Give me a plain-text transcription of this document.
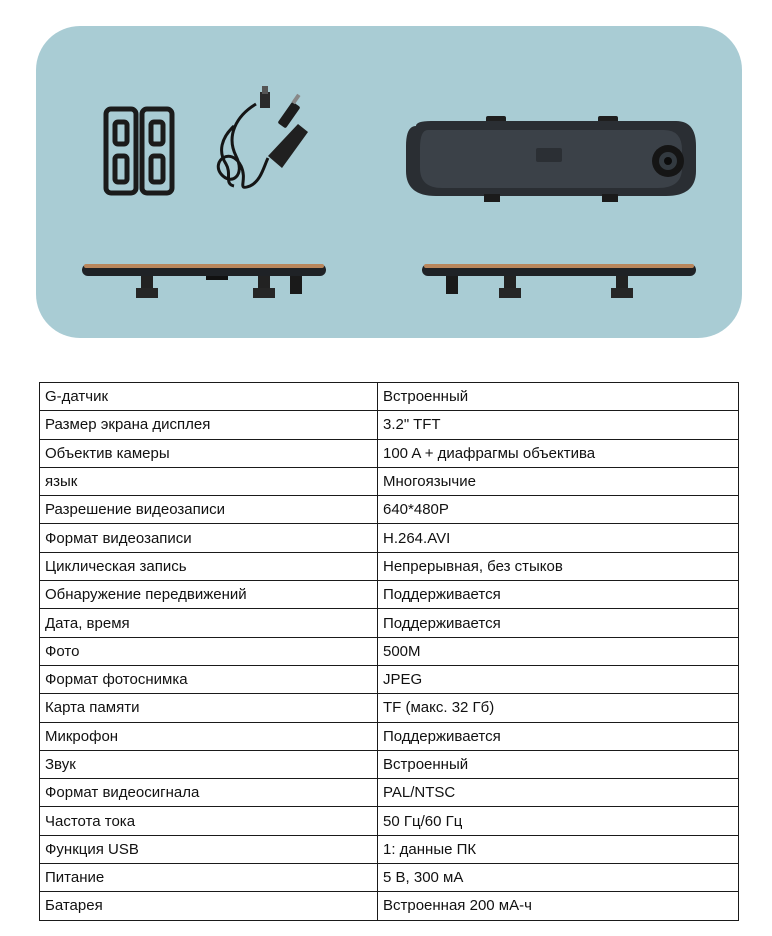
G-датчик	Встроенный
Размер экрана дисплея	3.2" TFT
Объектив камеры	100 A + диафрагмы объектива
язык	Многоязычие
Разрешение видеозаписи	640*480P
Формат видеозаписи	H.264.AVI
Циклическая запись	Непрерывная, без стыков
Обнаружение передвижений	Поддерживается
Дата, время	Поддерживается
Фото	500M
Формат фотоснимка	JPEG
Карта памяти	TF (макс. 32 Гб)
Микрофон	Поддерживается
Звук	Встроенный
Формат видеосигнала	PAL/NTSC
Частота тока	50 Гц/60 Гц
Функция USB	1: данные ПК
Питание	5 В, 300 мА
Батарея	Встроенная 200 мА-ч
